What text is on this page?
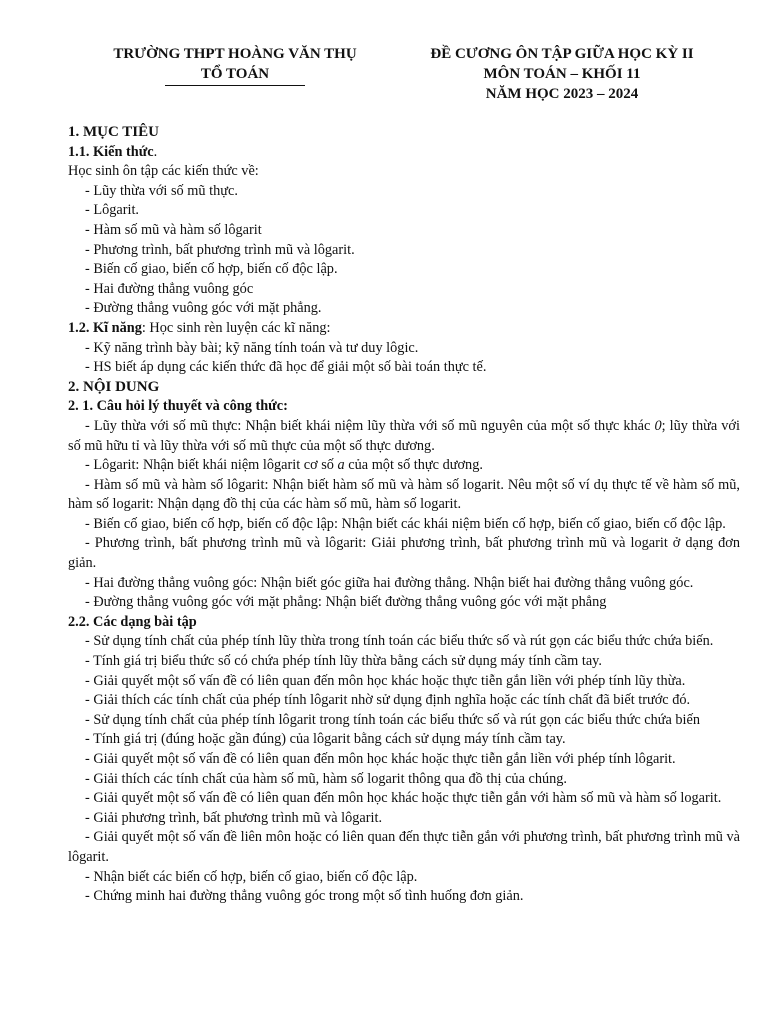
TRƯỜNG THPT HOÀNG VĂN THỤ
TỔ TOÁN
ĐỀ CƯƠNG ÔN TẬP GIỮA HỌC KỲ II
MÔN TOÁN – KHỐI 11
NĂM HỌC 2023 – 2024

1. MỤC TIÊU

1.1. Kiến thức.

Học sinh ôn tập các kiến thức về:

- Lũy thừa với số mũ thực.

- Lôgarit.

- Hàm số mũ và hàm số lôgarit

- Phương trình, bất phương trình mũ và lôgarit.

- Biến cố giao, biến cố hợp, biến cố độc lập.

- Hai đường thẳng vuông góc

- Đường thẳng vuông góc với mặt phẳng.

1.2. Kĩ năng: Học sinh rèn luyện các kĩ năng:

- Kỹ năng trình bày bài; kỹ năng tính toán và tư duy lôgic.

- HS biết áp dụng các kiến thức đã học để giải một số bài toán thực tế.

2. NỘI DUNG

2. 1. Câu hỏi lý thuyết và công thức:

- Lũy thừa với số mũ thực: Nhận biết khái niệm lũy thừa với số mũ nguyên của một số thực khác 0; lũy thừa với số mũ hữu tỉ và lũy thừa với số mũ thực của một số thực dương.

- Lôgarit: Nhận biết khái niệm lôgarit cơ số a của một số thực dương.

- Hàm số mũ và hàm số lôgarit: Nhận biết hàm số mũ và hàm số logarit. Nêu một số ví dụ thực tế về hàm số mũ, hàm số logarit: Nhận dạng đồ thị của các hàm số mũ, hàm số logarit.

- Biến cố giao, biến cố hợp, biến cố độc lập: Nhận biết các khái niệm biến cố hợp, biến cố giao, biến cố độc lập.

- Phương trình, bất phương trình mũ và lôgarit: Giải phương trình, bất phương trình mũ và logarit ở dạng đơn giản.

- Hai đường thẳng vuông góc: Nhận biết góc giữa hai đường thẳng. Nhận biết hai đường thẳng vuông góc.

- Đường thẳng vuông góc với mặt phẳng: Nhận biết đường thẳng vuông góc với mặt phẳng

2.2. Các dạng bài tập

- Sử dụng tính chất của phép tính lũy thừa trong tính toán các biểu thức số và rút gọn các biểu thức chứa biến.

- Tính giá trị biểu thức số có chứa phép tính lũy thừa bằng cách sử dụng máy tính cầm tay.

- Giải quyết một số vấn đề có liên quan đến môn học khác hoặc thực tiễn gắn liền với phép tính lũy thừa.

- Giải thích các tính chất của phép tính lôgarit nhờ sử dụng định nghĩa hoặc các tính chất đã biết trước đó.

- Sử dụng tính chất của phép tính lôgarit trong tính toán các biểu thức số và rút gọn các biểu thức chứa biến

- Tính giá trị (đúng hoặc gần đúng) của lôgarit bằng cách sử dụng máy tính cầm tay.

- Giải quyết một số vấn đề có liên quan đến môn học khác hoặc thực tiễn gắn liền với phép tính lôgarit.

- Giải thích các tính chất của hàm số mũ, hàm số logarit thông qua đồ thị của chúng.

- Giải quyết một số vấn đề có liên quan đến môn học khác hoặc thực tiễn gắn với hàm số mũ và hàm số logarit.

- Giải phương trình, bất phương trình mũ và lôgarit.

- Giải quyết một số vấn đề liên môn hoặc có liên quan đến thực tiễn gắn với phương trình, bất phương trình mũ và lôgarit.

- Nhận biết các biến cố hợp, biến cố giao, biến cố độc lập.

- Chứng minh hai đường thẳng vuông góc trong một số tình huống đơn giản.
